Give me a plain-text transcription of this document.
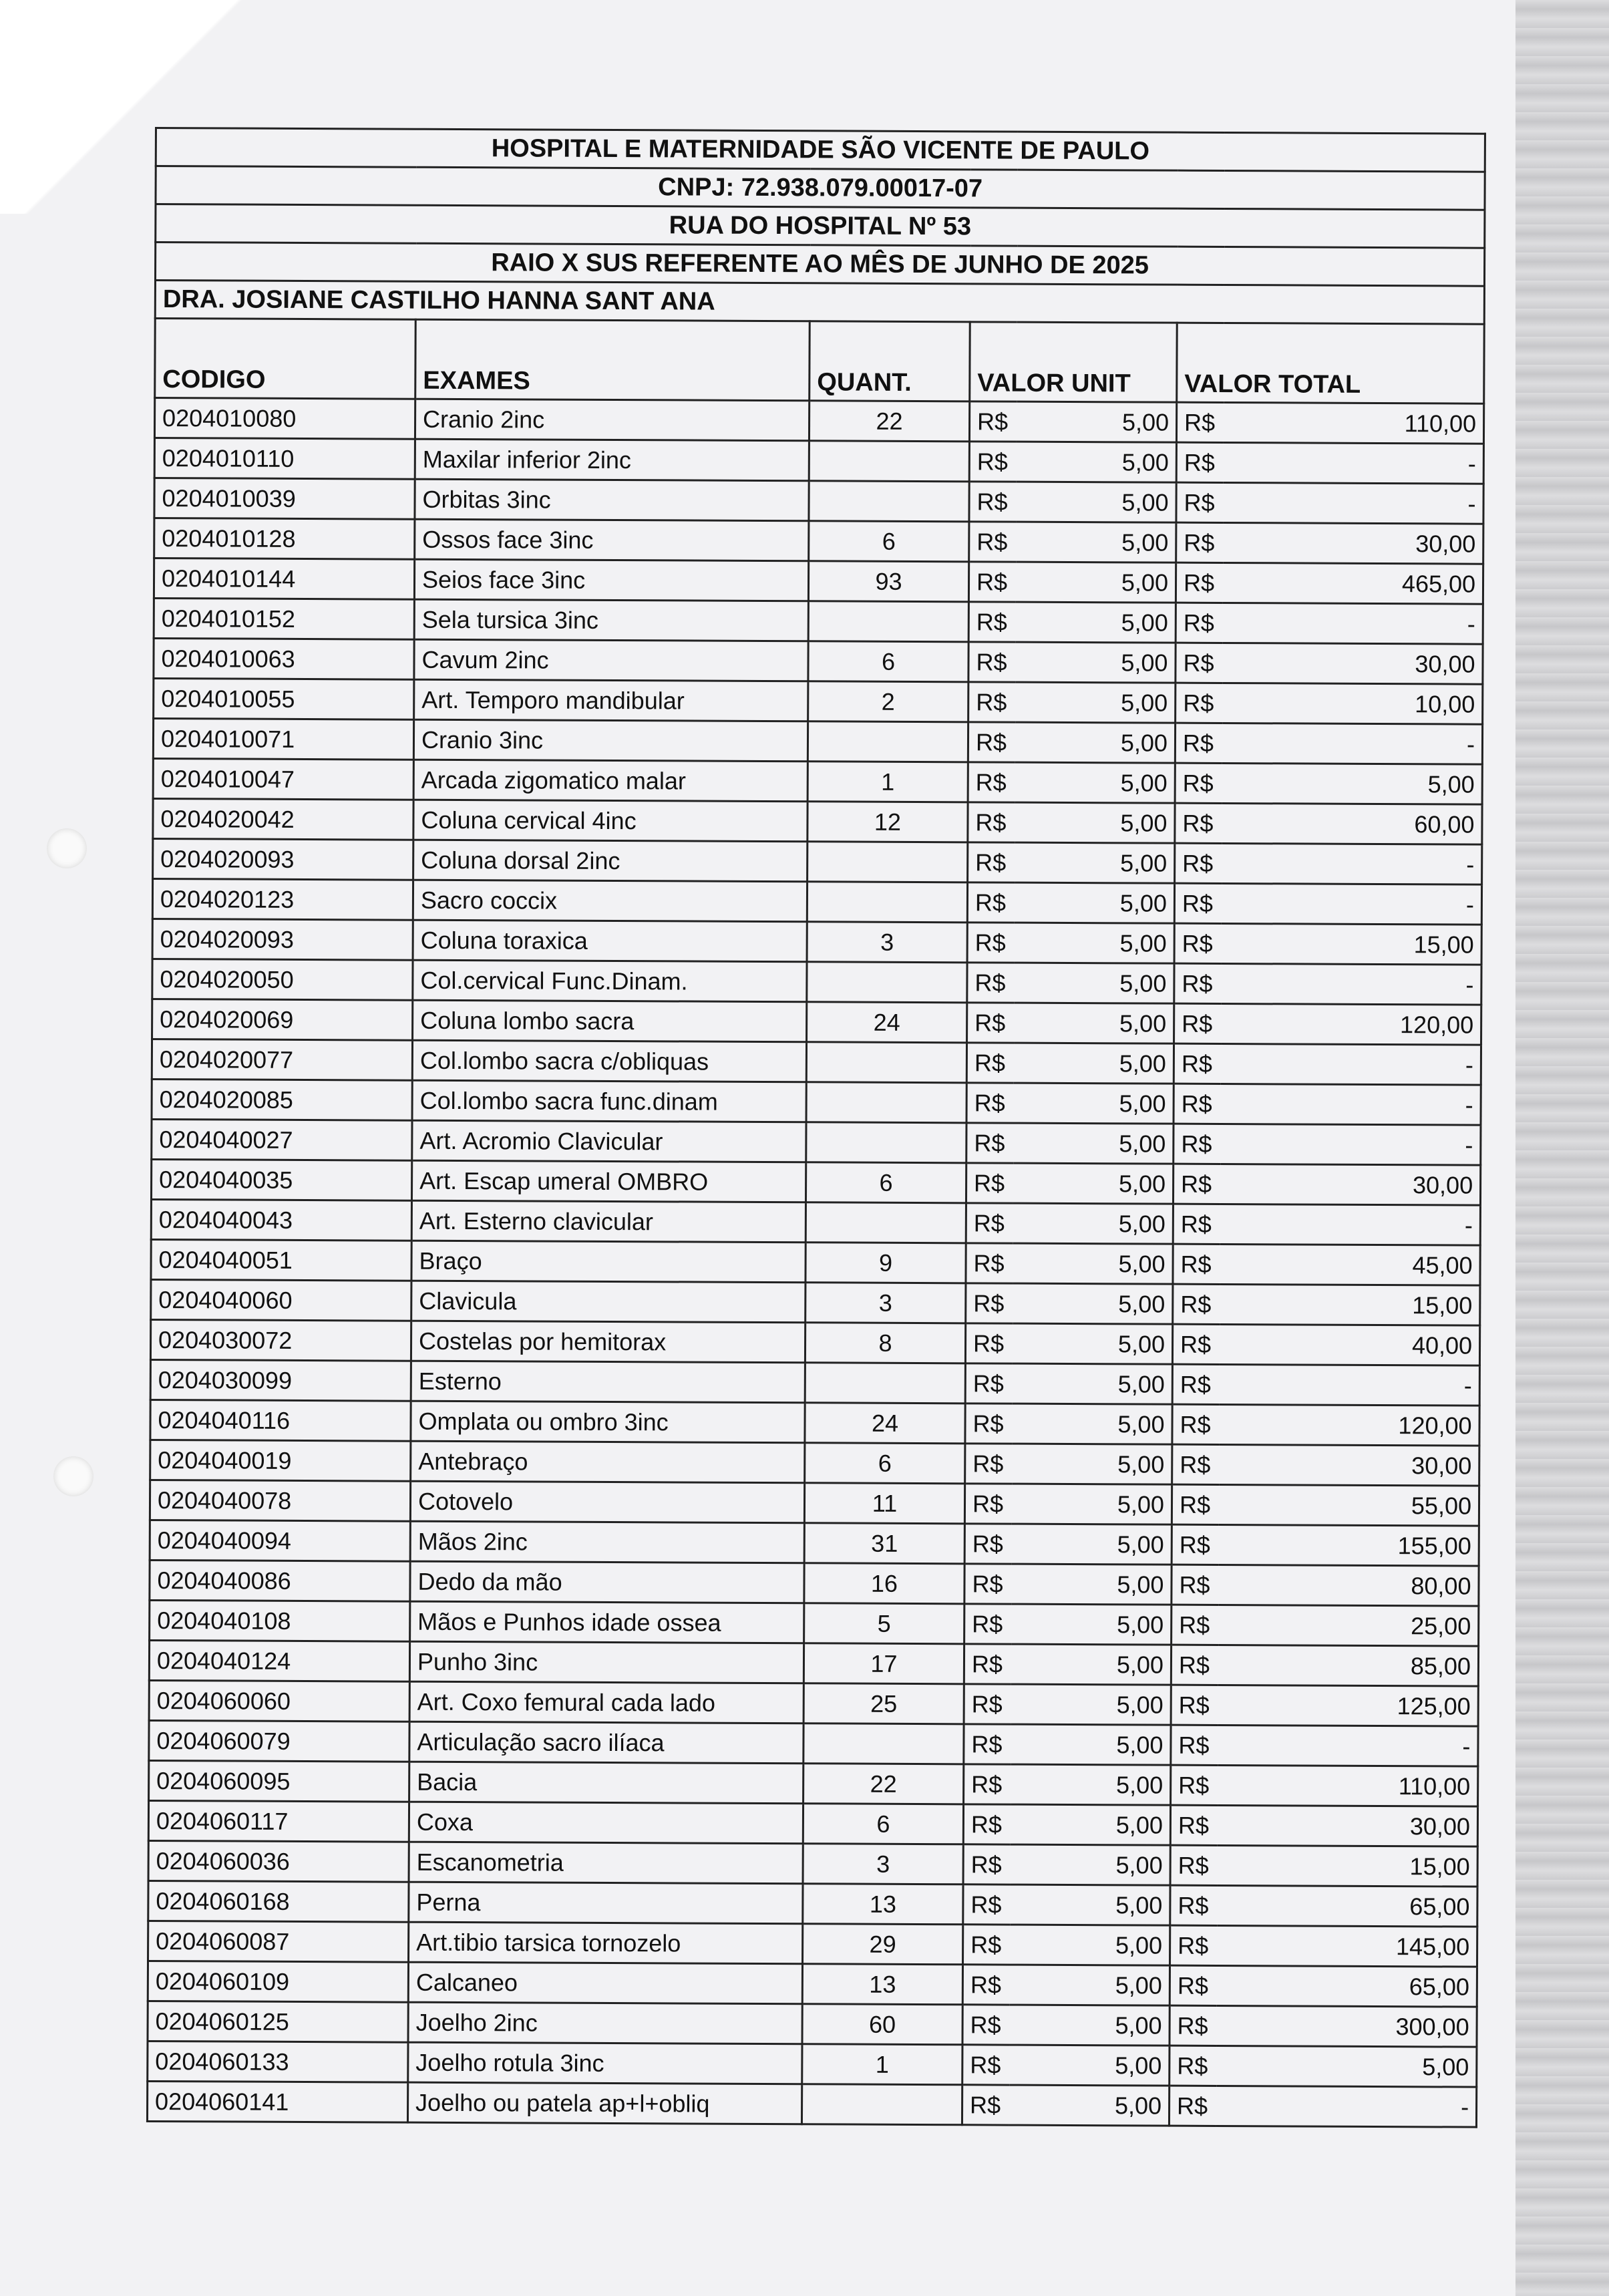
HOSPITAL E MATERNIDADE SÃO VICENTE DE PAULO						
CNPJ: 72.938.079.00017-07						
RUA DO HOSPITAL Nº 53						
RAIO X SUS REFERENTE AO MÊS DE JUNHO DE 2025						
DRA. JOSIANE CASTILHO HANNA SANT ANA						
CODIGO	EXAMES	QUANT.	VALOR UNIT		VALOR TOTAL	
0204010080	Cranio 2inc	22	R$	5,00	R$	110,00
0204010110	Maxilar inferior 2inc		R$	5,00	R$	-
0204010039	Orbitas 3inc		R$	5,00	R$	-
0204010128	Ossos face 3inc	6	R$	5,00	R$	30,00
0204010144	Seios face 3inc	93	R$	5,00	R$	465,00
0204010152	Sela tursica 3inc		R$	5,00	R$	-
0204010063	Cavum 2inc	6	R$	5,00	R$	30,00
0204010055	Art. Temporo mandibular	2	R$	5,00	R$	10,00
0204010071	Cranio 3inc		R$	5,00	R$	-
0204010047	Arcada zigomatico malar	1	R$	5,00	R$	5,00
0204020042	Coluna cervical 4inc	12	R$	5,00	R$	60,00
0204020093	Coluna dorsal 2inc		R$	5,00	R$	-
0204020123	Sacro coccix		R$	5,00	R$	-
0204020093	Coluna toraxica	3	R$	5,00	R$	15,00
0204020050	Col.cervical Func.Dinam.		R$	5,00	R$	-
0204020069	Coluna lombo sacra	24	R$	5,00	R$	120,00
0204020077	Col.lombo sacra c/obliquas		R$	5,00	R$	-
0204020085	Col.lombo sacra func.dinam		R$	5,00	R$	-
0204040027	Art. Acromio Clavicular		R$	5,00	R$	-
0204040035	Art. Escap umeral OMBRO	6	R$	5,00	R$	30,00
0204040043	Art. Esterno clavicular		R$	5,00	R$	-
0204040051	Braço	9	R$	5,00	R$	45,00
0204040060	Clavicula	3	R$	5,00	R$	15,00
0204030072	Costelas por hemitorax	8	R$	5,00	R$	40,00
0204030099	Esterno		R$	5,00	R$	-
0204040116	Omplata ou ombro 3inc	24	R$	5,00	R$	120,00
0204040019	Antebraço	6	R$	5,00	R$	30,00
0204040078	Cotovelo	11	R$	5,00	R$	55,00
0204040094	Mãos 2inc	31	R$	5,00	R$	155,00
0204040086	Dedo da mão	16	R$	5,00	R$	80,00
0204040108	Mãos e Punhos idade ossea	5	R$	5,00	R$	25,00
0204040124	Punho 3inc	17	R$	5,00	R$	85,00
0204060060	Art. Coxo femural cada lado	25	R$	5,00	R$	125,00
0204060079	Articulação sacro ilíaca		R$	5,00	R$	-
0204060095	Bacia	22	R$	5,00	R$	110,00
0204060117	Coxa	6	R$	5,00	R$	30,00
0204060036	Escanometria	3	R$	5,00	R$	15,00
0204060168	Perna	13	R$	5,00	R$	65,00
0204060087	Art.tibio tarsica tornozelo	29	R$	5,00	R$	145,00
0204060109	Calcaneo	13	R$	5,00	R$	65,00
0204060125	Joelho 2inc	60	R$	5,00	R$	300,00
0204060133	Joelho rotula 3inc	1	R$	5,00	R$	5,00
0204060141	Joelho ou patela ap+l+obliq		R$	5,00	R$	-
